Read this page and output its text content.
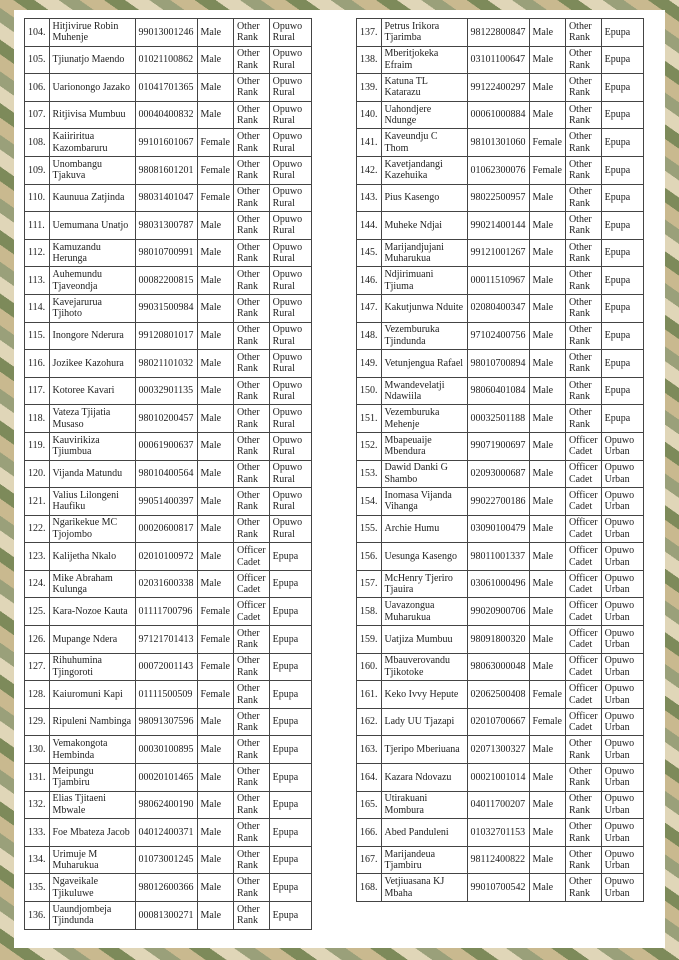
104.	Hitjivirue Robin Muhenje	99013001246	Male	Other Rank	Opuwo Rural
105.	Tjiunatjo Maendo	01021100862	Male	Other Rank	Opuwo Rural
106.	Uarionongo Jazako	01041701365	Male	Other Rank	Opuwo Rural
107.	Ritjivisa Mumbuu	00040400832	Male	Other Rank	Opuwo Rural
108.	Kaiiriritua Kazombaruru	99101601067	Female	Other Rank	Opuwo Rural
109.	Unombangu Tjakuva	98081601201	Female	Other Rank	Opuwo Rural
110.	Kaunuua Zatjinda	98031401047	Female	Other Rank	Opuwo Rural
111.	Uemumana Unatjo	98031300787	Male	Other Rank	Opuwo Rural
112.	Kamuzandu Herunga	98010700991	Male	Other Rank	Opuwo Rural
113.	Auhemundu Tjaveondja	00082200815	Male	Other Rank	Opuwo Rural
114.	Kavejarurua Tjihoto	99031500984	Male	Other Rank	Opuwo Rural
115.	Inongore Nderura	99120801017	Male	Other Rank	Opuwo Rural
116.	Jozikee Kazohura	98021101032	Male	Other Rank	Opuwo Rural
117.	Kotoree Kavari	00032901135	Male	Other Rank	Opuwo Rural
118.	Vateza Tjijatia Musaso	98010200457	Male	Other Rank	Opuwo Rural
119.	Kauvirikiza Tjiumbua	00061900637	Male	Other Rank	Opuwo Rural
120.	Vijanda Matundu	98010400564	Male	Other Rank	Opuwo Rural
121.	Valius Lilongeni Haufiku	99051400397	Male	Other Rank	Opuwo Rural
122.	Ngarikekue MC Tjojombo	00020600817	Male	Other Rank	Opuwo Rural
123.	Kalijetha Nkalo	02010100972	Male	Officer Cadet	Epupa
124.	Mike Abraham Kulunga	02031600338	Male	Officer Cadet	Epupa
125.	Kara-Nozoe Kauta	01111700796	Female	Officer Cadet	Epupa
126.	Mupange Ndera	97121701413	Female	Other Rank	Epupa
127.	Rihuhumina Tjingoroti	00072001143	Female	Other Rank	Epupa
128.	Kaiuromuni Kapi	01111500509	Female	Other Rank	Epupa
129.	Ripuleni Nambinga	98091307596	Male	Other Rank	Epupa
130.	Vemakongota Hembinda	00030100895	Male	Other Rank	Epupa
131.	Meipungu Tjambiru	00020101465	Male	Other Rank	Epupa
132.	Elias Tjitaeni Mbwale	98062400190	Male	Other Rank	Epupa
133.	Foe Mbateza Jacob	04012400371	Male	Other Rank	Epupa
134.	Urimuje M Muharukua	01073001245	Male	Other Rank	Epupa
135.	Ngaveikale Tjikuluwe	98012600366	Male	Other Rank	Epupa
136.	Uaundjombeja Tjindunda	00081300271	Male	Other Rank	Epupa
137.	Petrus Irikora Tjarimba	98122800847	Male	Other Rank	Epupa
138.	Mberitjokeka Efraim	03101100647	Male	Other Rank	Epupa
139.	Katuna TL Katarazu	99122400297	Male	Other Rank	Epupa
140.	Uahondjere Ndunge	00061000884	Male	Other Rank	Epupa
141.	Kaveundju C Thom	98101301060	Female	Other Rank	Epupa
142.	Kavetjandangi Kazehuika	01062300076	Female	Other Rank	Epupa
143.	Pius Kasengo	98022500957	Male	Other Rank	Epupa
144.	Muheke Ndjai	99021400144	Male	Other Rank	Epupa
145.	Marijandjujani Muharukua	99121001267	Male	Other Rank	Epupa
146.	Ndjirimuani Tjiuma	00011510967	Male	Other Rank	Epupa
147.	Kakutjunwa Nduite	02080400347	Male	Other Rank	Epupa
148.	Vezemburuka Tjindunda	97102400756	Male	Other Rank	Epupa
149.	Vetunjengua Rafael	98010700894	Male	Other Rank	Epupa
150.	Mwandevelatji Ndawiila	98060401084	Male	Other Rank	Epupa
151.	Vezemburuka Mehenje	00032501188	Male	Other Rank	Epupa
152.	Mbapeuaije Mbendura	99071900697	Male	Officer Cadet	Opuwo Urban
153.	Dawid Danki G Shambo	02093000687	Male	Officer Cadet	Opuwo Urban
154.	Inomasa Vijanda Vihanga	99022700186	Male	Officer Cadet	Opuwo Urban
155.	Archie Humu	03090100479	Male	Officer Cadet	Opuwo Urban
156.	Uesunga Kasengo	98011001337	Male	Officer Cadet	Opuwo Urban
157.	McHenry Tjeriro Tjauira	03061000496	Male	Officer Cadet	Opuwo Urban
158.	Uavazongua Muharukua	99020900706	Male	Officer Cadet	Opuwo Urban
159.	Uatjiza Mumbuu	98091800320	Male	Officer Cadet	Opuwo Urban
160.	Mbauverovandu Tjikotoke	98063000048	Male	Officer Cadet	Opuwo Urban
161.	Keko Ivvy Hepute	02062500408	Female	Officer Cadet	Opuwo Urban
162.	Lady UU Tjazapi	02010700667	Female	Officer Cadet	Opuwo Urban
163.	Tjeripo Mberiuana	02071300327	Male	Other Rank	Opuwo Urban
164.	Kazara Ndovazu	00021001014	Male	Other Rank	Opuwo Urban
165.	Utirakuani Mombura	04011700207	Male	Other Rank	Opuwo Urban
166.	Abed Panduleni	01032701153	Male	Other Rank	Opuwo Urban
167.	Marijandeua Tjambiru	98112400822	Male	Other Rank	Opuwo Urban
168.	Vetjiuasana KJ Mbaha	99010700542	Male	Other Rank	Opuwo Urban
